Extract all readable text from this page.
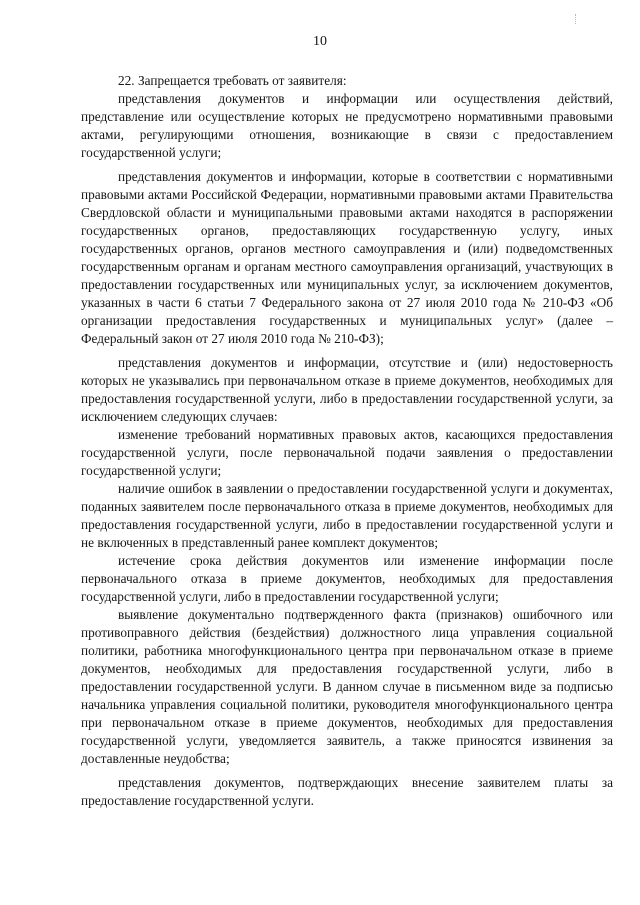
10

22. Запрещается требовать от заявителя:

представления документов и информации или осуществления действий, представление или осуществление которых не предусмотрено нормативными правовыми актами, регулирующими отношения, возникающие в связи с предоставлением государственной услуги;

представления документов и информации, которые в соответствии с нормативными правовыми актами Российской Федерации, нормативными правовыми актами Правительства Свердловской области и муниципальными правовыми актами находятся в распоряжении государственных органов, предоставляющих государственную услугу, иных государственных органов, органов местного самоуправления и (или) подведомственных государственным органам и органам местного самоуправления организаций, участвующих в предоставлении государственных или муниципальных услуг, за исключением документов, указанных в части 6 статьи 7 Федерального закона от 27 июля 2010 года № 210-ФЗ «Об организации предоставления государственных и муниципальных услуг» (далее – Федеральный закон от 27 июля 2010 года № 210-ФЗ);

представления документов и информации, отсутствие и (или) недостоверность которых не указывались при первоначальном отказе в приеме документов, необходимых для предоставления государственной услуги, либо в предоставлении государственной услуги, за исключением следующих случаев:

изменение требований нормативных правовых актов, касающихся предоставления государственной услуги, после первоначальной подачи заявления о предоставлении государственной услуги;

наличие ошибок в заявлении о предоставлении государственной услуги и документах, поданных заявителем после первоначального отказа в приеме документов, необходимых для предоставления государственной услуги, либо в предоставлении государственной услуги и не включенных в представленный ранее комплект документов;

истечение срока действия документов или изменение информации после первоначального отказа в приеме документов, необходимых для предоставления государственной услуги, либо в предоставлении государственной услуги;

выявление документально подтвержденного факта (признаков) ошибочного или противоправного действия (бездействия) должностного лица управления социальной политики, работника многофункционального центра при первоначальном отказе в приеме документов, необходимых для предоставления государственной услуги, либо в предоставлении государственной услуги. В данном случае в письменном виде за подписью начальника управления социальной политики, руководителя многофункционального центра при первоначальном отказе в приеме документов, необходимых для предоставления государственной услуги, уведомляется заявитель, а также приносятся извинения за доставленные неудобства;

представления документов, подтверждающих внесение заявителем платы за предоставление государственной услуги.
